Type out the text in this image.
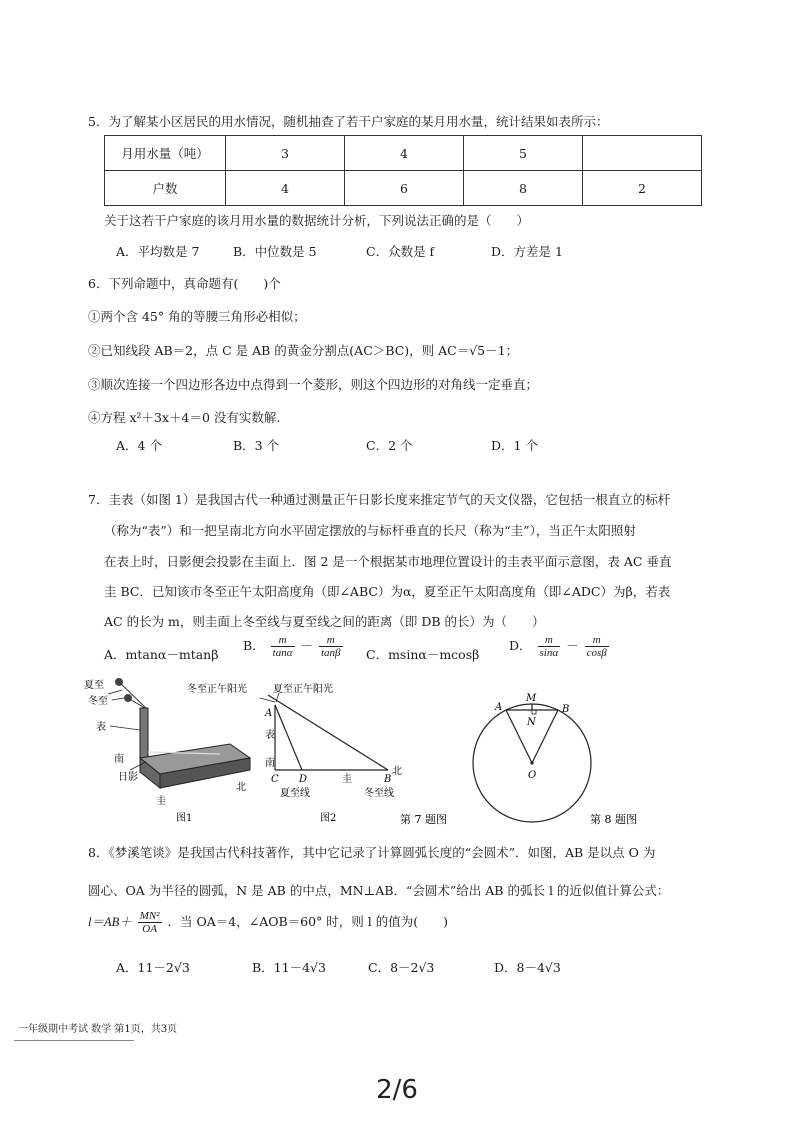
5．为了解某小区居民的用水情况，随机抽查了若干户家庭的某月用水量，统计结果如表所示：
月用水量（吨）	3	4	5	
户数	4	6	8	2
关于这若干户家庭的该月用水量的数据统计分析，下列说法正确的是（　　）
A．平均数是 7	B．中位数是 5	C．众数是 f	D．方差是 1
6．下列命题中，真命题有(　　)个
①两个含 45° 角的等腰三角形必相似；
②已知线段 AB＝2，点 C 是 AB 的黄金分割点(AC＞BC)，则 AC＝√5－1；
③顺次连接一个四边形各边中点得到一个菱形，则这个四边形的对角线一定垂直；
④方程 x²＋3x＋4＝0 没有实数解.
A．4 个	B．3 个	C．2 个	D．1 个
7．圭表（如图 1）是我国古代一种通过测量正午日影长度来推定节气的天文仪器，它包括一根直立的标杆
（称为“表”）和一把呈南北方向水平固定摆放的与标杆垂直的长尺（称为“圭”），当正午太阳照射
在表上时，日影便会投影在圭面上．图 2 是一个根据某市地理位置设计的圭表平面示意图，表 AC 垂直
圭 BC．已知该市冬至正午太阳高度角（即∠ABC）为α，夏至正午太阳高度角（即∠ADC）为β，若表
AC 的长为 m，则圭面上冬至线与夏至线之间的距离（即 DB 的长）为（　　）
A．mtanα－mtanβ
B． $\frac{m}{\tan\alpha} - \frac{m}{\tan\beta}$ C．msinα－mcosβ
D． $\frac{m}{\sin\alpha} - \frac{m}{\cos\beta}$
夏至
冬至
表
南
日影
圭
北
图1
冬至正午阳光	夏至正午阳光
A
表
南
C D	圭	B
北
夏至线	冬至线
图2	第 7 题图
M
A
N
B
O
第 8 题图
8．《梦溪笔谈》是我国古代科技著作，其中它记录了计算圆弧长度的“会圆术”．如图，AB 是以点 O 为
圆心、OA 为半径的圆弧，N 是 AB 的中点，MN⊥AB．“会圆术”给出 AB 的弧长 l 的近似值计算公式：
$l=AB+ \frac{\text{MN²}}{OA}$ ．当 OA＝4，∠AOB＝60° 时，则 l 的值为(　　)
A．11－2√3	B．11－4√3	C．8－2√3	D．8－4√3
一年级期中考试 数学 第1页，共3页
2/6
